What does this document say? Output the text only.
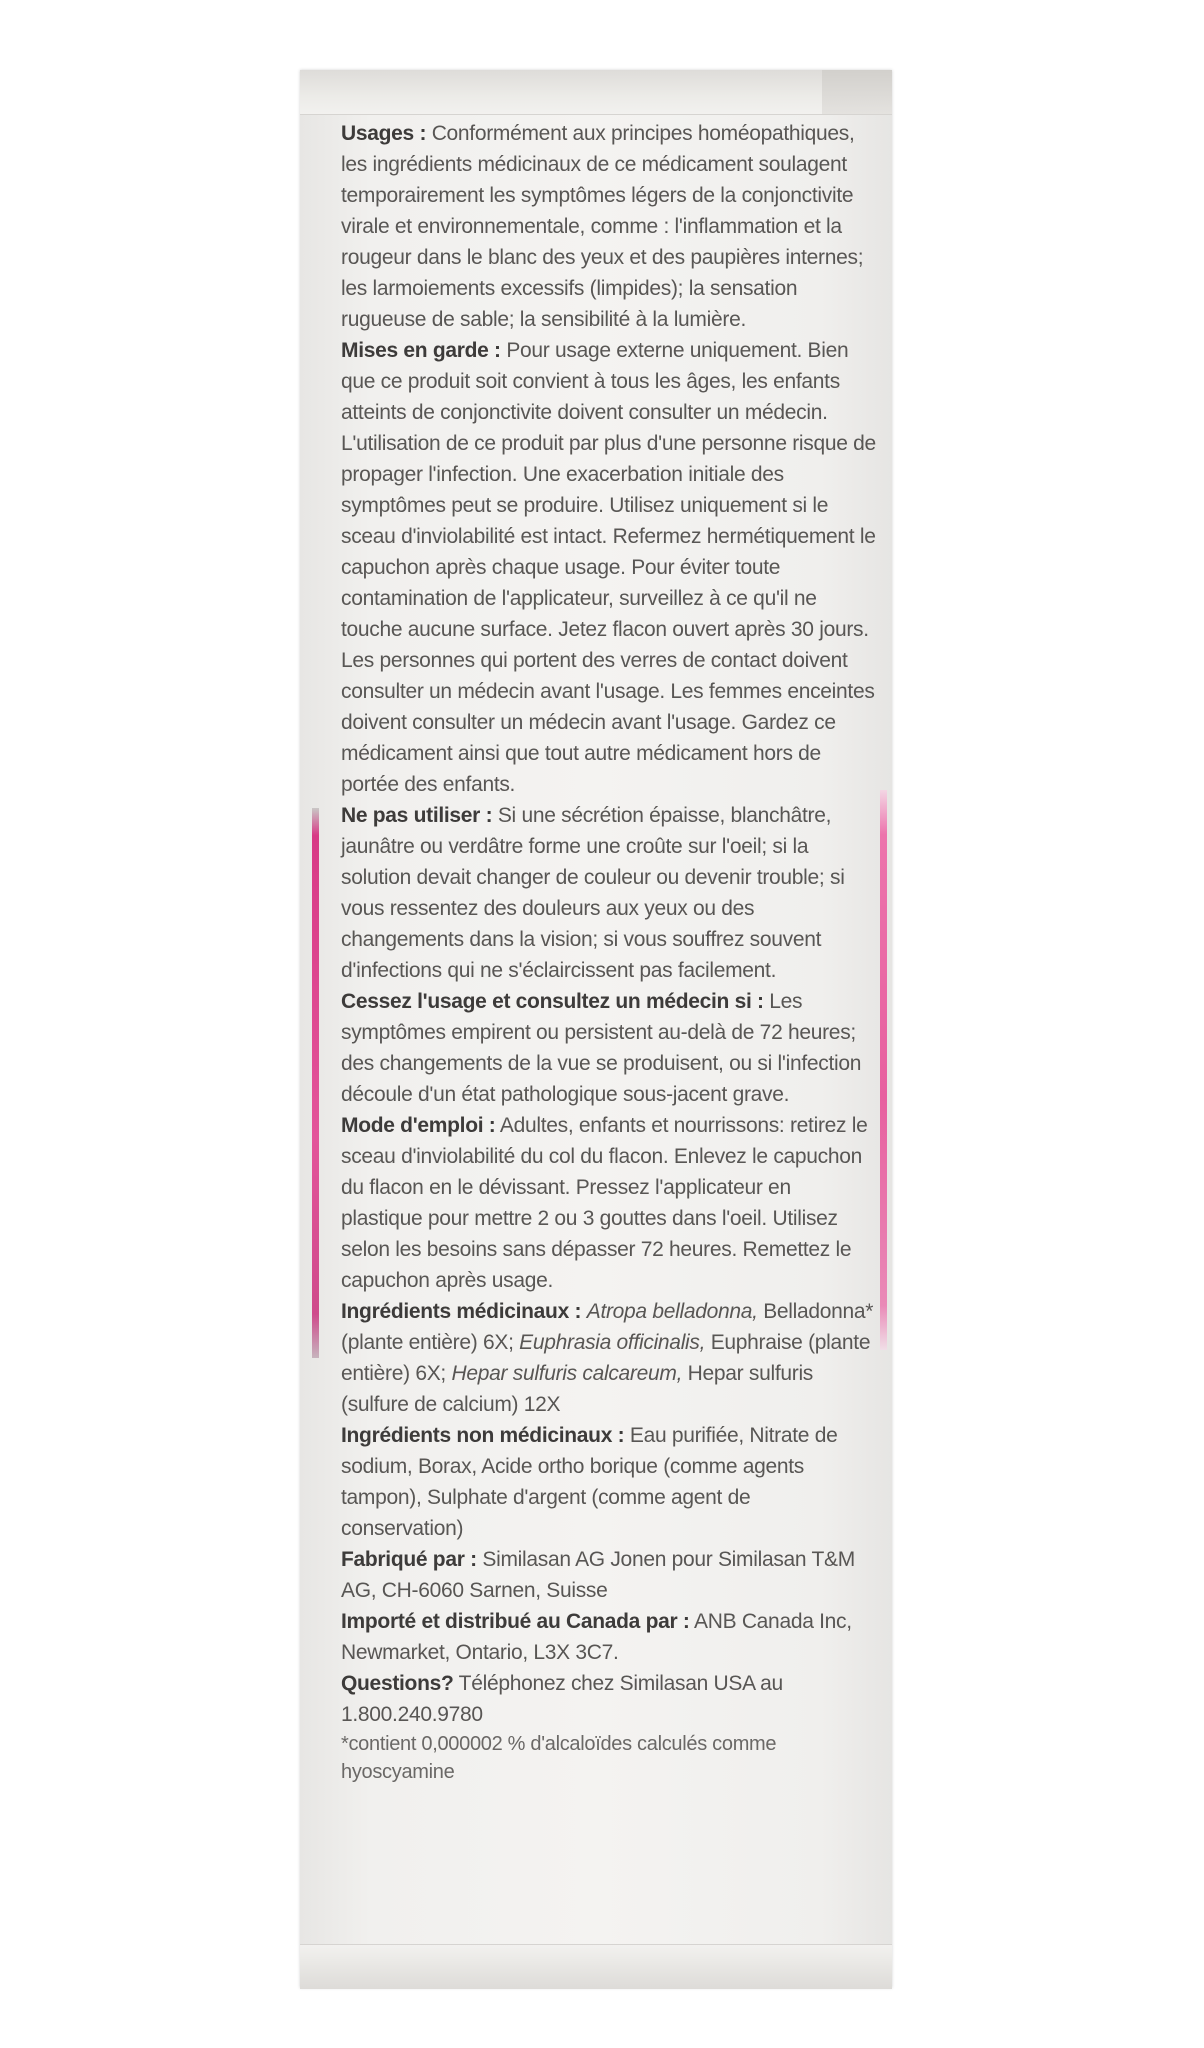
Usages : Conformément aux principes homéopathiques, les ingrédients médicinaux de ce médicament soulagent temporairement les symptômes légers de la conjonctivite virale et environnementale, comme : l'inflammation et la rougeur dans le blanc des yeux et des paupières internes; les larmoiements excessifs (limpides); la sensation rugueuse de sable; la sensibilité à la lumière.

Mises en garde : Pour usage externe uniquement. Bien que ce produit soit convient à tous les âges, les enfants atteints de conjonctivite doivent consulter un médecin. L'utilisation de ce produit par plus d'une personne risque de propager l'infection. Une exacerbation initiale des symptômes peut se produire. Utilisez uniquement si le sceau d'inviolabilité est intact. Refermez hermétiquement le capuchon après chaque usage. Pour éviter toute contamination de l'applicateur, surveillez à ce qu'il ne touche aucune surface. Jetez flacon ouvert après 30 jours. Les personnes qui portent des verres de contact doivent consulter un médecin avant l'usage. Les femmes enceintes doivent consulter un médecin avant l'usage. Gardez ce médicament ainsi que tout autre médicament hors de portée des enfants.

Ne pas utiliser : Si une sécrétion épaisse, blanchâtre, jaunâtre ou verdâtre forme une croûte sur l'oeil; si la solution devait changer de couleur ou devenir trouble; si vous ressentez des douleurs aux yeux ou des changements dans la vision; si vous souffrez souvent d'infections qui ne s'éclaircissent pas facilement.

Cessez l'usage et consultez un médecin si : Les symptômes empirent ou persistent au-delà de 72 heures; des changements de la vue se produisent, ou si l'infection découle d'un état pathologique sous-jacent grave.

Mode d'emploi : Adultes, enfants et nourrissons: retirez le sceau d'inviolabilité du col du flacon. Enlevez le capuchon du flacon en le dévissant. Pressez l'applicateur en plastique pour mettre 2 ou 3 gouttes dans l'oeil. Utilisez selon les besoins sans dépasser 72 heures. Remettez le capuchon après usage.

Ingrédients médicinaux : Atropa belladonna, Belladonna* (plante entière) 6X; Euphrasia officinalis, Euphraise (plante entière) 6X; Hepar sulfuris calcareum, Hepar sulfuris (sulfure de calcium) 12X

Ingrédients non médicinaux : Eau purifiée, Nitrate de sodium, Borax, Acide ortho borique (comme agents tampon), Sulphate d'argent (comme agent de conservation)

Fabriqué par : Similasan AG Jonen pour Similasan T&M AG, CH-6060 Sarnen, Suisse

Importé et distribué au Canada par : ANB Canada Inc, Newmarket, Ontario, L3X 3C7.

Questions? Téléphonez chez Similasan USA au 1.800.240.9780

*contient 0,000002 % d'alcaloïdes calculés comme hyoscyamine
